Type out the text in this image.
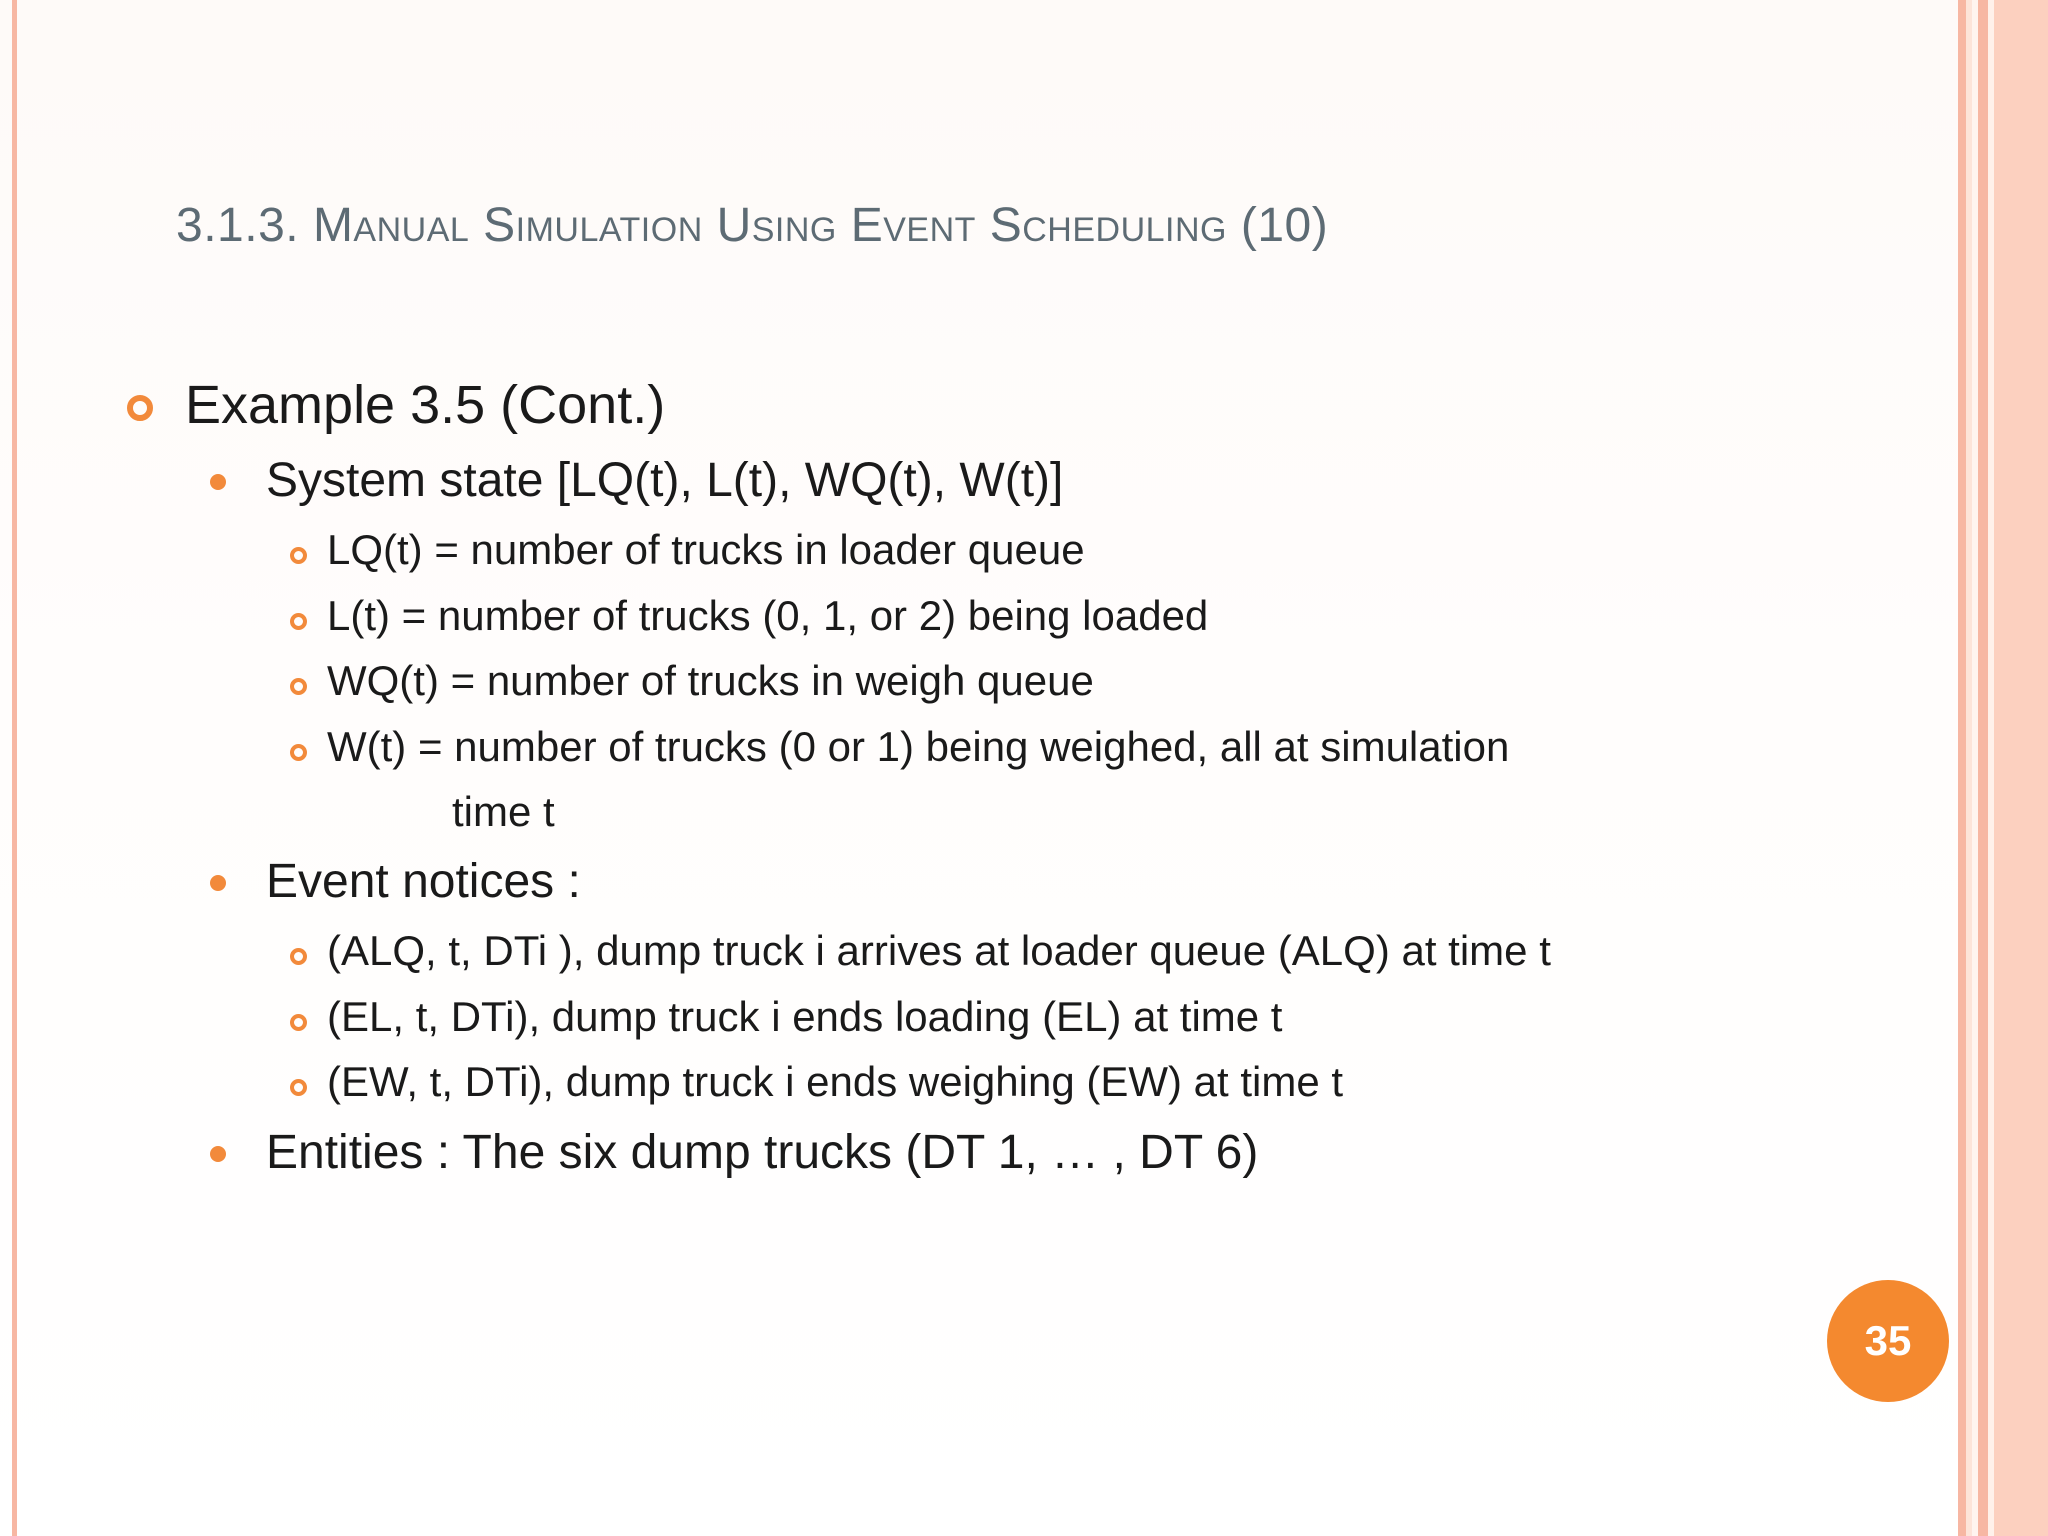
3.1.3. Manual Simulation Using Event Scheduling (10)
Example 3.5 (Cont.)
System state [LQ(t), L(t), WQ(t), W(t)]
LQ(t) = number of trucks in loader queue
L(t) = number of trucks (0, 1, or 2) being loaded
WQ(t) = number of trucks in weigh queue
W(t) = number of trucks (0 or 1) being weighed, all at simulation
time t
Event notices :
(ALQ, t, DTi ), dump truck i arrives at loader queue (ALQ) at time t
(EL, t, DTi), dump truck i ends loading (EL) at time t
(EW, t, DTi), dump truck i ends weighing (EW) at time t
Entities : The six dump trucks (DT 1, … , DT 6)
35
